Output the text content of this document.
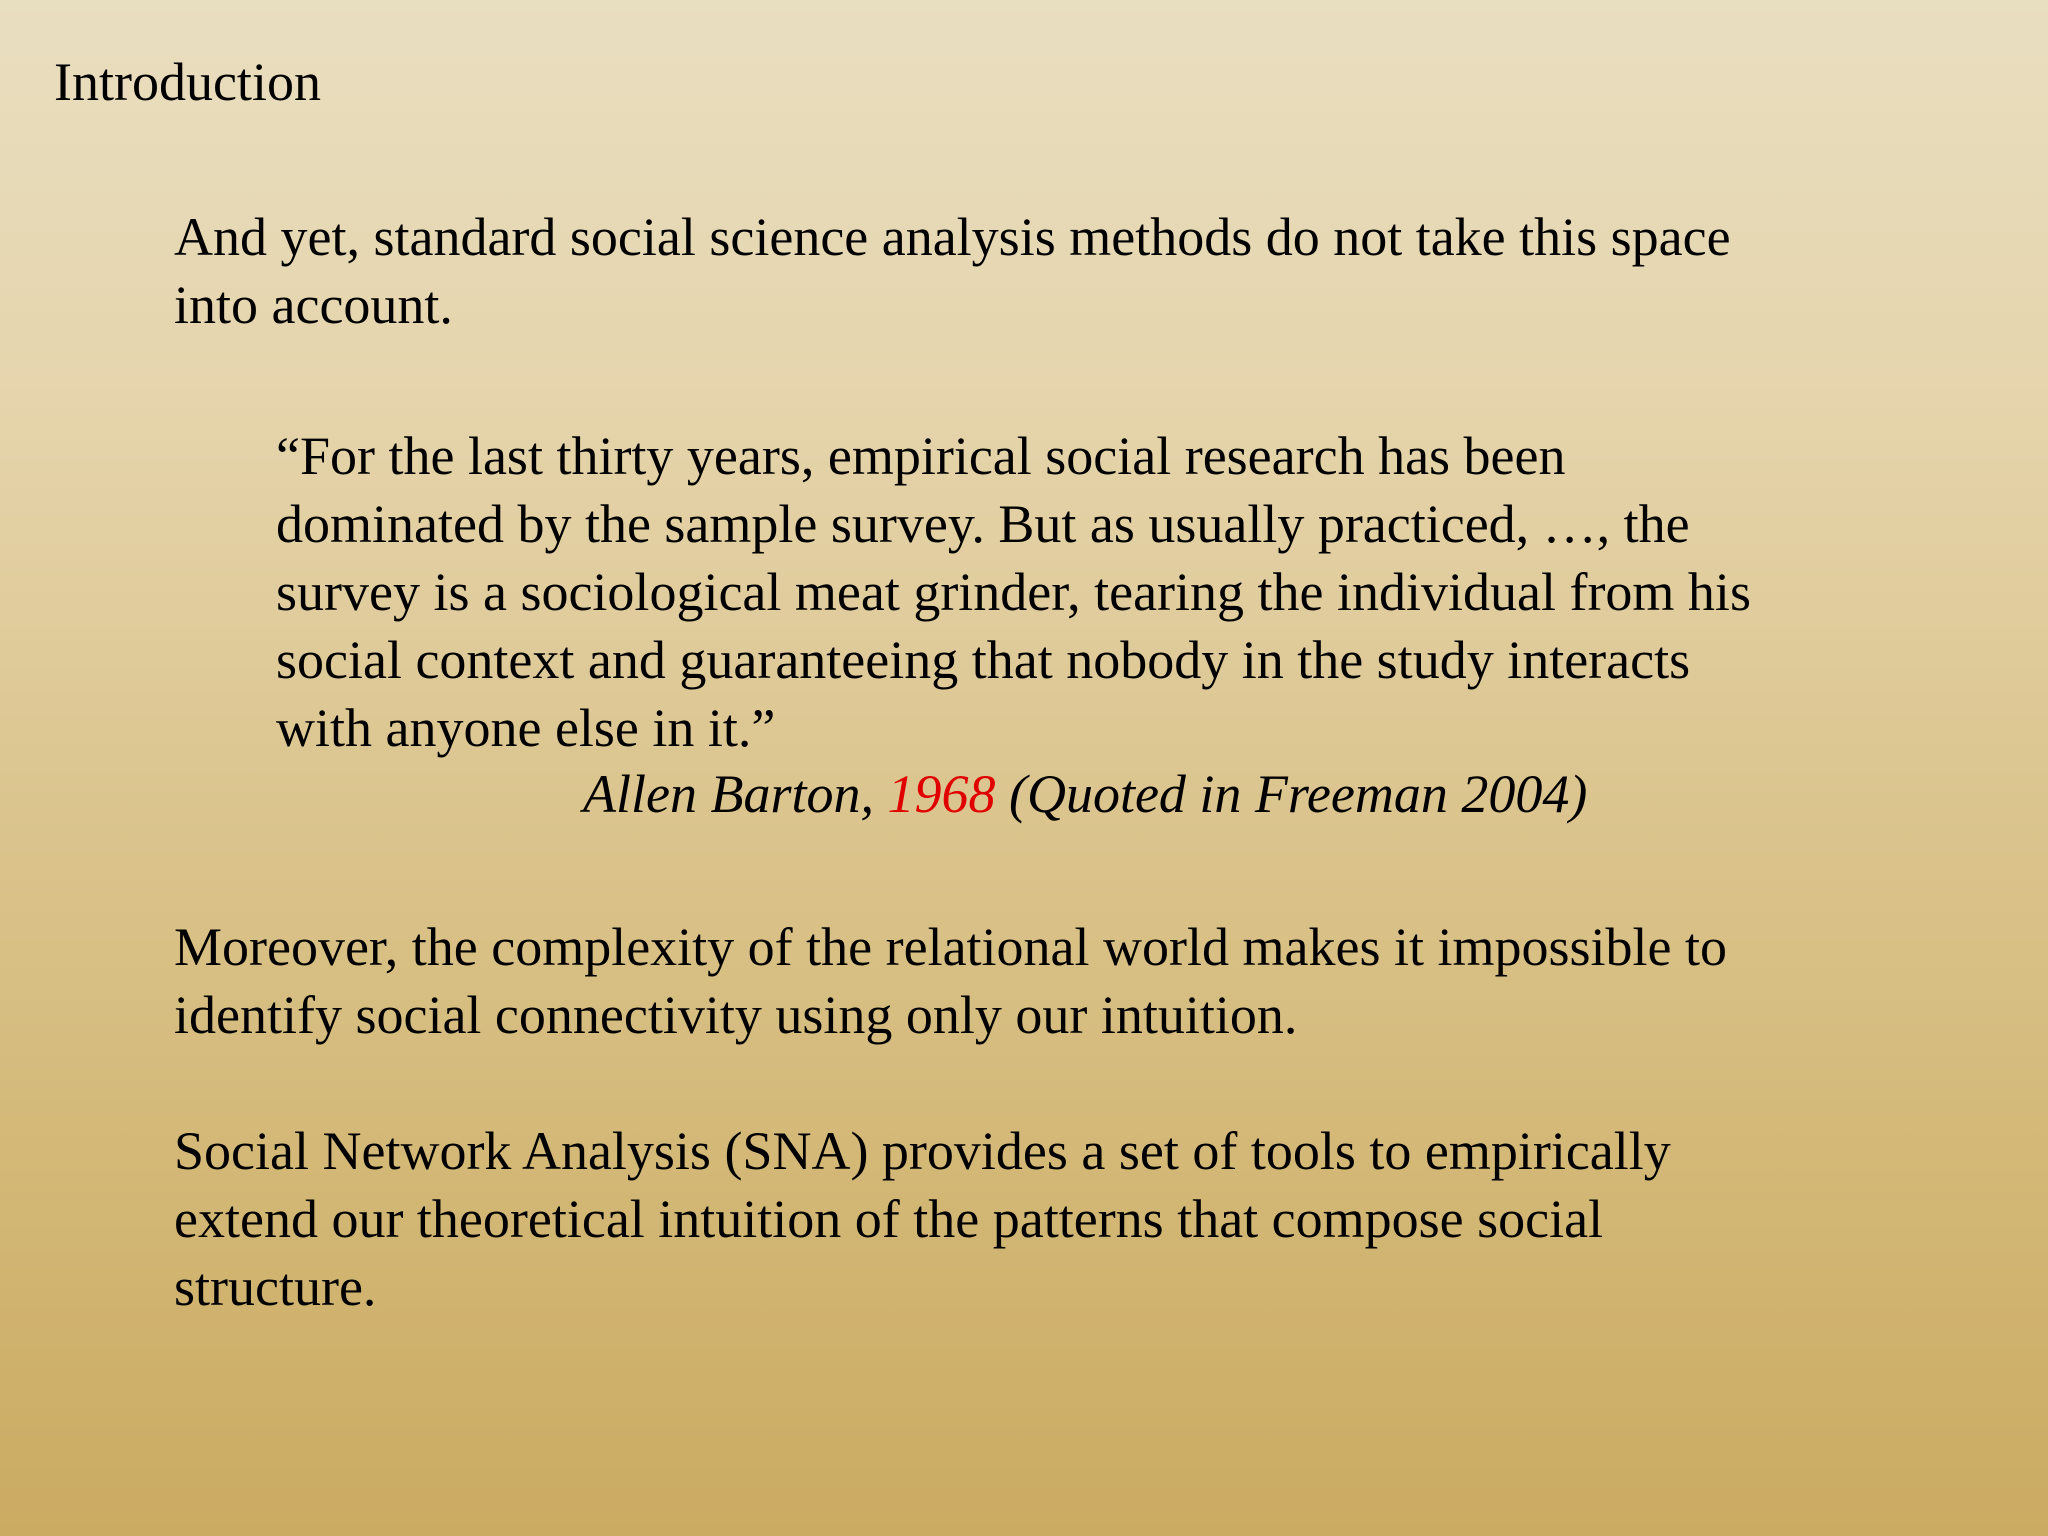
Introduction
And yet, standard social science analysis methods do not take this space
into account.
“For the last thirty years, empirical social research has been
dominated by the sample survey. But as usually practiced, …, the
survey is a sociological meat grinder, tearing the individual from his
social context and guaranteeing that nobody in the study interacts
with anyone else in it.”
Allen Barton, 1968 (Quoted in Freeman 2004)
Moreover, the complexity of the relational world makes it impossible to
identify social connectivity using only our intuition.
Social Network Analysis (SNA) provides a set of tools to empirically
extend our theoretical intuition of the patterns that compose social
structure.
